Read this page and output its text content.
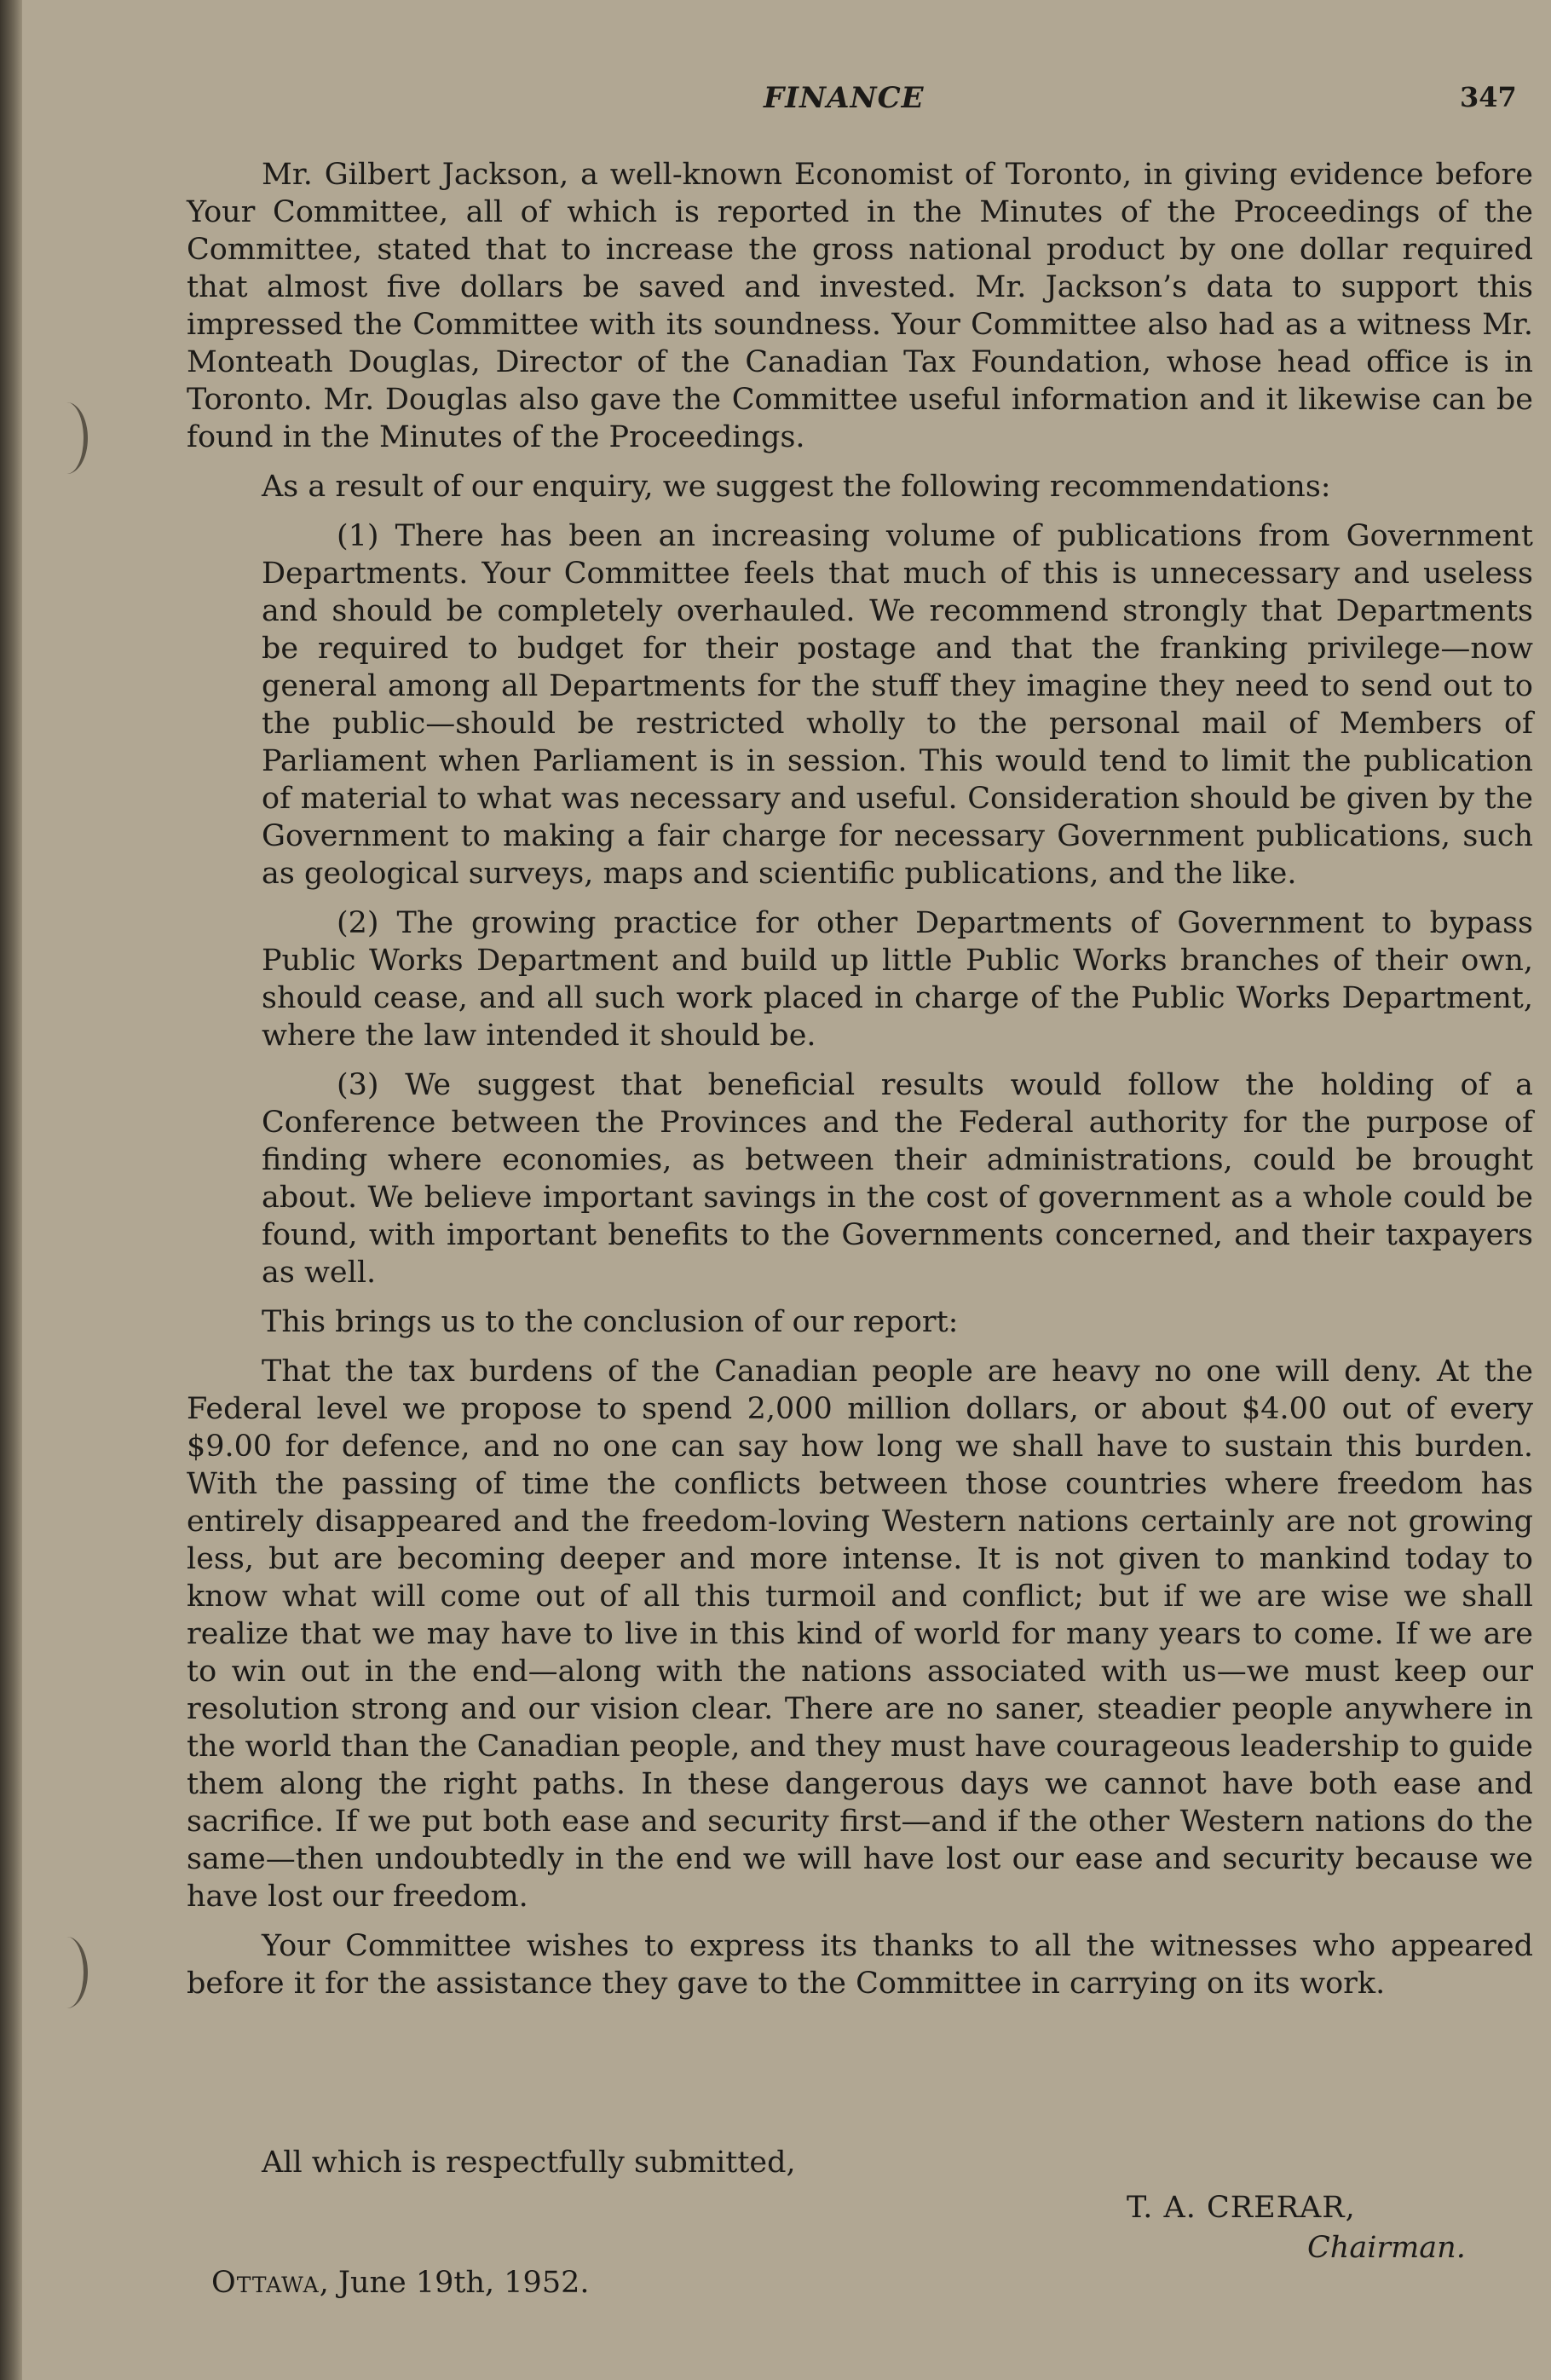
FINANCE	347

Mr. Gilbert Jackson, a well-known Economist of Toronto, in giving evidence before Your Committee, all of which is reported in the Minutes of the Proceedings of the Committee, stated that to increase the gross national product by one dollar required that almost five dollars be saved and invested. Mr. Jackson’s data to support this impressed the Committee with its soundness. Your Committee also had as a witness Mr. Monteath Douglas, Director of the Canadian Tax Foundation, whose head office is in Toronto. Mr. Douglas also gave the Committee useful information and it likewise can be found in the Minutes of the Proceedings.

As a result of our enquiry, we suggest the following recommendations:

(1) There has been an increasing volume of publications from Government Departments. Your Committee feels that much of this is unnecessary and useless and should be completely overhauled. We recommend strongly that Departments be required to budget for their postage and that the franking privilege—now general among all Departments for the stuff they imagine they need to send out to the public—should be restricted wholly to the personal mail of Members of Parliament when Parliament is in session. This would tend to limit the publication of material to what was necessary and useful. Consideration should be given by the Government to making a fair charge for necessary Government publications, such as geological surveys, maps and scientific publications, and the like.

(2) The growing practice for other Departments of Government to bypass Public Works Department and build up little Public Works branches of their own, should cease, and all such work placed in charge of the Public Works Department, where the law intended it should be.

(3) We suggest that beneficial results would follow the holding of a Conference between the Provinces and the Federal authority for the purpose of finding where economies, as between their administrations, could be brought about. We believe important savings in the cost of government as a whole could be found, with important benefits to the Governments concerned, and their taxpayers as well.

This brings us to the conclusion of our report:

That the tax burdens of the Canadian people are heavy no one will deny. At the Federal level we propose to spend 2,000 million dollars, or about $4.00 out of every $9.00 for defence, and no one can say how long we shall have to sustain this burden. With the passing of time the conflicts between those countries where freedom has entirely disappeared and the freedom-loving Western nations certainly are not growing less, but are becoming deeper and more intense. It is not given to mankind today to know what will come out of all this turmoil and conflict; but if we are wise we shall realize that we may have to live in this kind of world for many years to come. If we are to win out in the end—along with the nations associated with us—we must keep our resolution strong and our vision clear. There are no saner, steadier people anywhere in the world than the Canadian people, and they must have courageous leadership to guide them along the right paths. In these dangerous days we cannot have both ease and sacrifice. If we put both ease and security first—and if the other Western nations do the same—then undoubtedly in the end we will have lost our ease and security because we have lost our freedom.

Your Committee wishes to express its thanks to all the witnesses who appeared before it for the assistance they gave to the Committee in carrying on its work.

All which is respectfully submitted,
T. A. CRERAR,
Chairman.
Ottawa, June 19th, 1952.
